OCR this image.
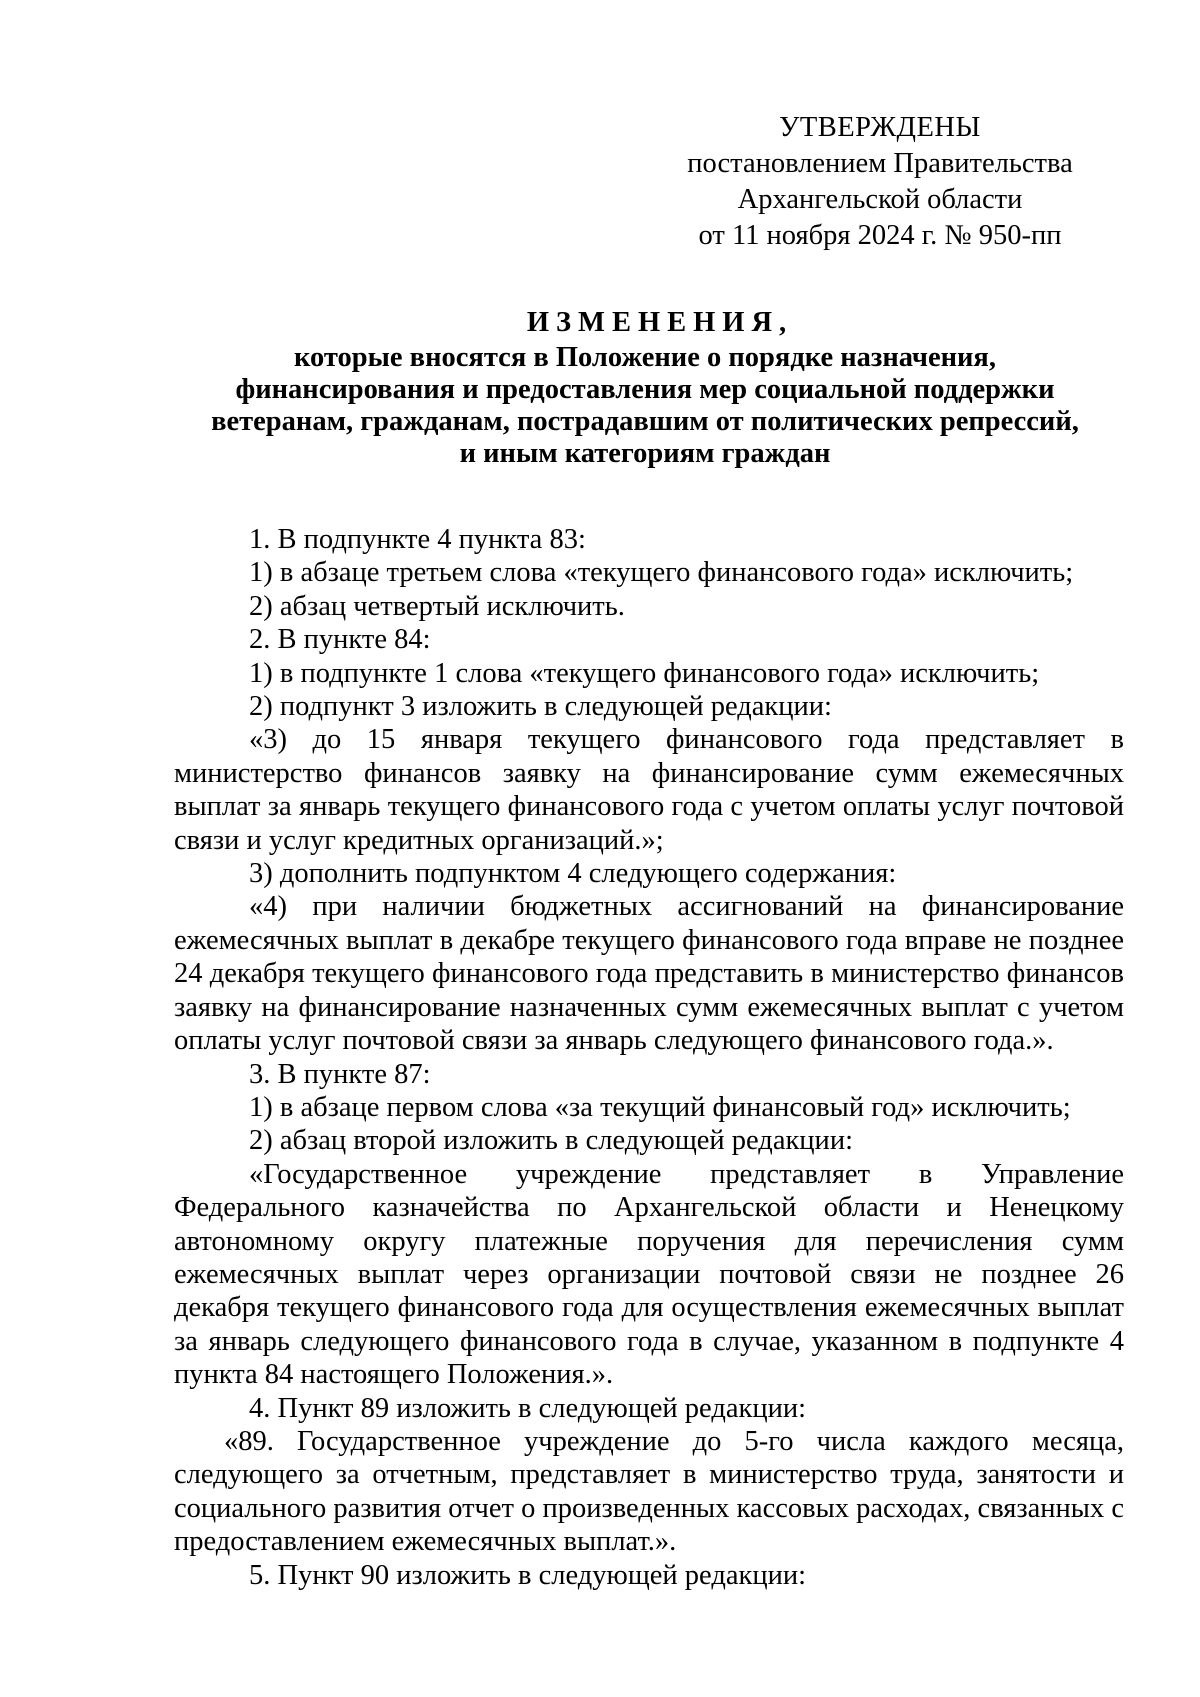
УТВЕРЖДЕНЫ
постановлением Правительства
Архангельской области
от 11 ноября 2024 г. № 950-пп
ИЗМЕНЕНИЯ,
которые вносятся в Положение о порядке назначения,
финансирования и предоставления мер социальной поддержки
ветеранам, гражданам, пострадавшим от политических репрессий,
и иным категориям граждан

1. В подпункте 4 пункта 83:

1) в абзаце третьем слова «текущего финансового года» исключить;

2) абзац четвертый исключить.

2. В пункте 84:

1) в подпункте 1 слова «текущего финансового года» исключить;

2) подпункт 3 изложить в следующей редакции:

«3) до 15 января текущего финансового года представляет в министерство финансов заявку на финансирование сумм ежемесячных выплат за январь текущего финансового года с учетом оплаты услуг почтовой связи и услуг кредитных организаций.»;

3) дополнить подпунктом 4 следующего содержания:

«4) при наличии бюджетных ассигнований на финансирование ежемесячных выплат в декабре текущего финансового года вправе не позднее 24 декабря текущего финансового года представить в министерство финансов заявку на финансирование назначенных сумм ежемесячных выплат с учетом оплаты услуг почтовой связи за январь следующего финансового года.».

3. В пункте 87:

1) в абзаце первом слова «за текущий финансовый год» исключить;

2) абзац второй изложить в следующей редакции:

«Государственное учреждение представляет в Управление Федерального казначейства по Архангельской области и Ненецкому автономному округу платежные поручения для перечисления сумм ежемесячных выплат через организации почтовой связи не позднее 26 декабря текущего финансового года для осуществления ежемесячных выплат за январь следующего финансового года в случае, указанном в подпункте 4 пункта 84 настоящего Положения.».

4. Пункт 89 изложить в следующей редакции:

«89. Государственное учреждение до 5-го числа каждого месяца, следующего за отчетным, представляет в министерство труда, занятости и социального развития отчет о произведенных кассовых расходах, связанных с предоставлением ежемесячных выплат.».

5. Пункт 90 изложить в следующей редакции:
